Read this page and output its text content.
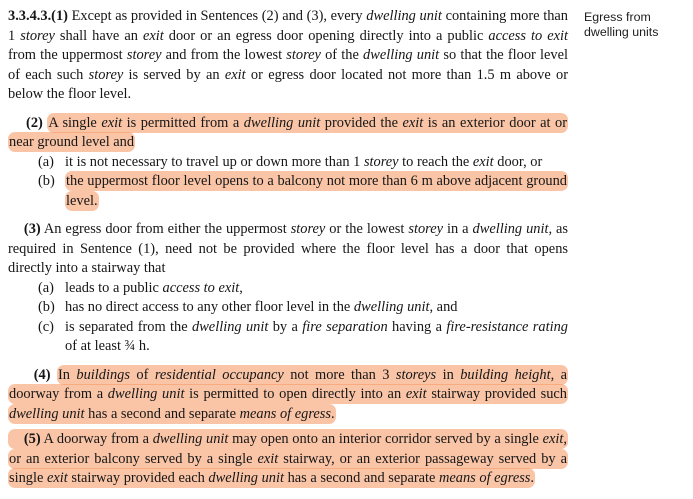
Egress from dwelling units

3.3.4.3.(1) Except as provided in Sentences (2) and (3), every dwelling unit containing more than 1 storey shall have an exit door or an egress door opening directly into a public access to exit from the uppermost storey and from the lowest storey of the dwelling unit so that the floor level of each such storey is served by an exit or egress door located not more than 1.5 m above or below the floor level.

(2) A single exit is permitted from a dwelling unit provided the exit is an exterior door at or near ground level and

(a) it is not necessary to travel up or down more than 1 storey to reach the exit door, or
(b) the uppermost floor level opens to a balcony not more than 6 m above adjacent ground level.

(3) An egress door from either the uppermost storey or the lowest storey in a dwelling unit, as required in Sentence (1), need not be provided where the floor level has a door that opens directly into a stairway that

(a) leads to a public access to exit,
(b) has no direct access to any other floor level in the dwelling unit, and
(c) is separated from the dwelling unit by a fire separation having a fire-resistance rating of at least ¾ h.

(4) In buildings of residential occupancy not more than 3 storeys in building height, a doorway from a dwelling unit is permitted to open directly into an exit stairway provided such dwelling unit has a second and separate means of egress.

(5) A doorway from a dwelling unit may open onto an interior corridor served by a single exit, or an exterior balcony served by a single exit stairway, or an exterior passageway served by a single exit stairway provided each dwelling unit has a second and separate means of egress.
